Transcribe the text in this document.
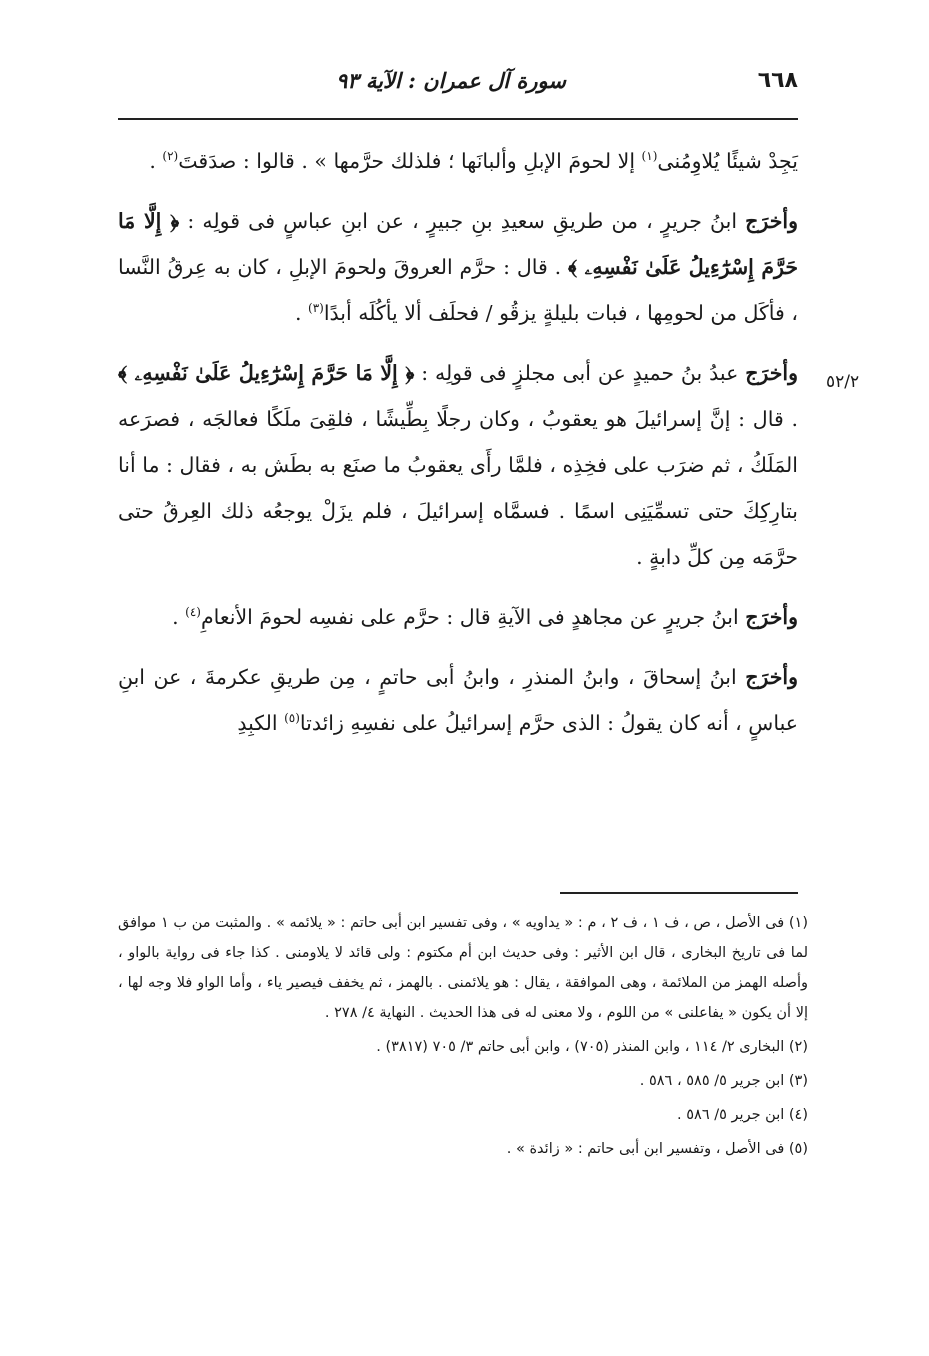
٦٦٨
سورة آل عمران : الآية ٩٣
٥٢/٢

يَجِدْ شيئًا يُلاوِمُنى$^{(١)}$ إلا لحومَ الإبلِ وألبانَها ؛ فلذلك حرَّمها » . قالوا : صدَقتَ$^{(٢)}$ .

وأخرَج ابنُ جريرٍ ، من طريقِ سعيدِ بنِ جبيرٍ ، عن ابنِ عباسٍ فى قولِه : ﴿ إِلَّا مَا حَرَّمَ إِسْرَٰٓءِيلُ عَلَىٰ نَفْسِهِۦ ﴾ . قال : حرَّم العروقَ ولحومَ الإبلِ ، كان به عِرقُ النَّسا ، فأكَل من لحومِها ، فبات بليلةٍ يزقُو / فحلَف ألا يأكُلَه أبدًا$^{(٣)}$ .

وأخرَج عبدُ بنُ حميدٍ عن أبى مجلزٍ فى قولِه : ﴿ إِلَّا مَا حَرَّمَ إِسْرَٰٓءِيلُ عَلَىٰ نَفْسِهِۦ ﴾ . قال : إنَّ إسرائيلَ هو يعقوبُ ، وكان رجلًا بِطِّيشًا ، فلقِىَ ملَكًا فعالجَه ، فصرَعه المَلَكُ ، ثم ضرَب على فخِذِه ، فلمَّا رأَى يعقوبُ ما صنَع به بطَش به ، فقال : ما أنا بتارِكِكَ حتى تسمِّيَنِى اسمًا . فسمَّاه إسرائيلَ ، فلم يزَلْ يوجعُه ذلك العِرقُ حتى حرَّمَه مِن كلِّ دابةٍ .

وأخرَج ابنُ جريرٍ عن مجاهدٍ فى الآيةِ قال : حرَّم على نفسِه لحومَ الأنعامِ$^{(٤)}$ .

وأخرَج ابنُ إسحاقَ ، وابنُ المنذرِ ، وابنُ أبى حاتمٍ ، مِن طريقِ عكرمةَ ، عن ابنِ عباسٍ ، أنه كان يقولُ : الذى حرَّم إسرائيلُ على نفسِهِ زائدتا$^{(٥)}$ الكبِدِ

(١) فى الأصل ، ص ، ف ١ ، ف ٢ ، م : « يداويه » ، وفى تفسير ابن أبى حاتم : « يلائمه » . والمثبت من ب ١ موافق لما فى تاريخ البخارى ، قال ابن الأثير : وفى حديث ابن أم مكتوم : ولى قائد لا يلاومنى . كذا جاء فى رواية بالواو ، وأصله الهمز من الملائمة ، وهى الموافقة ، يقال : هو يلائمنى . بالهمز ، ثم يخفف فيصير ياء ، وأما الواو فلا وجه لها ، إلا أن يكون « يفاعلنى » من اللوم ، ولا معنى له فى هذا الحديث . النهاية ٤/ ٢٧٨ .

(٢) البخارى ٢/ ١١٤ ، وابن المنذر (٧٠٥) ، وابن أبى حاتم ٣/ ٧٠٥ (٣٨١٧) .

(٣) ابن جرير ٥/ ٥٨٥ ، ٥٨٦ .

(٤) ابن جرير ٥/ ٥٨٦ .

(٥) فى الأصل ، وتفسير ابن أبى حاتم : « زائدة » .
